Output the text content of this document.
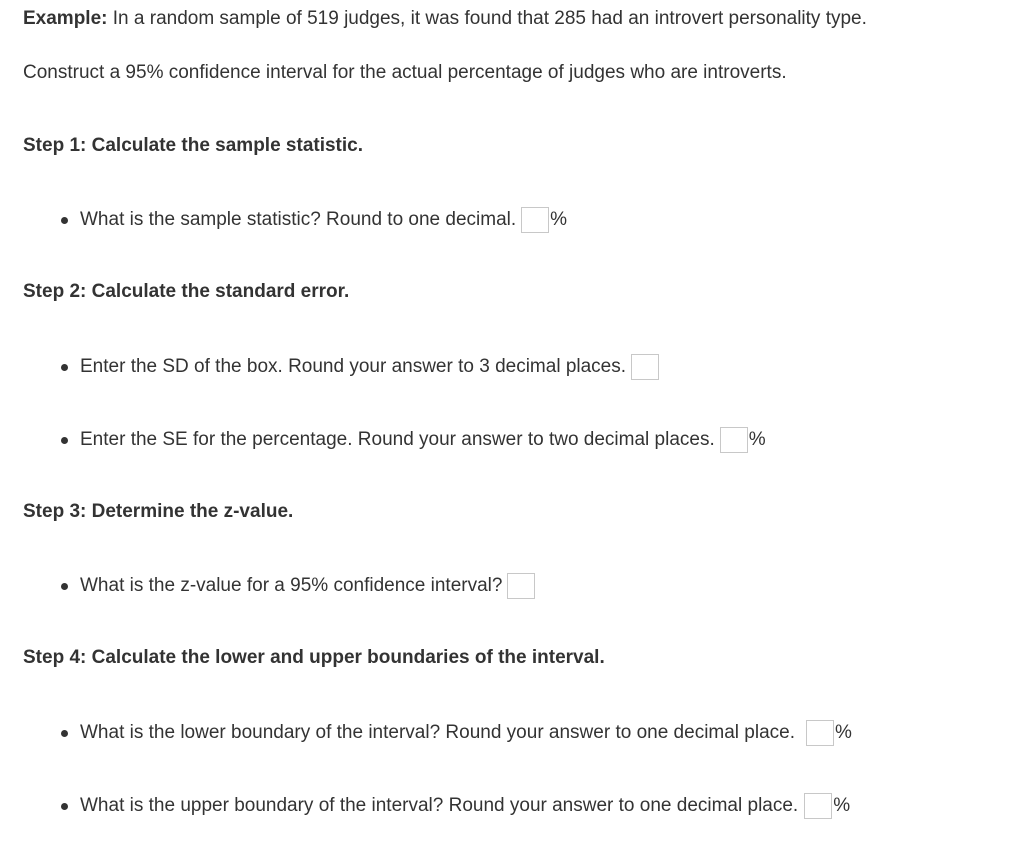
Example: In a random sample of 519 judges, it was found that 285 had an introvert personality type.
Construct a 95% confidence interval for the actual percentage of judges who are introverts.
Step 1: Calculate the sample statistic.
What is the sample statistic? Round to one decimal. %
Step 2: Calculate the standard error.
Enter the SD of the box. Round your answer to 3 decimal places.
Enter the SE for the percentage. Round your answer to two decimal places. %
Step 3: Determine the z-value.
What is the z-value for a 95% confidence interval?
Step 4: Calculate the lower and upper boundaries of the interval.
What is the lower boundary of the interval? Round your answer to one decimal place. %
What is the upper boundary of the interval? Round your answer to one decimal place. %
